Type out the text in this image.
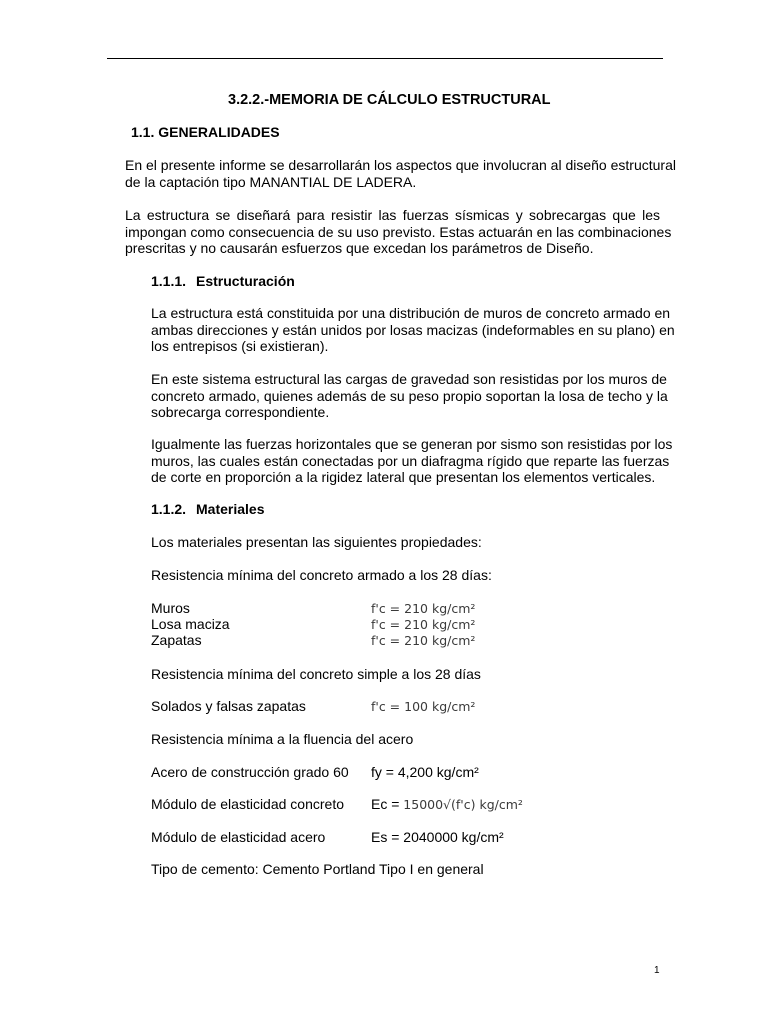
3.2.2.-MEMORIA DE CÁLCULO ESTRUCTURAL
1.1. GENERALIDADES
En el presente informe se desarrollarán los aspectos que involucran al diseño estructural
de la captación tipo MANANTIAL DE LADERA.
La estructura se diseñará para resistir las fuerzas sísmicas y sobrecargas que les
impongan como consecuencia de su uso previsto. Estas actuarán en las combinaciones
prescritas y no causarán esfuerzos que excedan los parámetros de Diseño.
1.1.1. Estructuración
La estructura está constituida por una distribución de muros de concreto armado en
ambas direcciones y están unidos por losas macizas (indeformables en su plano) en
los entrepisos (si existieran).
En este sistema estructural las cargas de gravedad son resistidas por los muros de
concreto armado, quienes además de su peso propio soportan la losa de techo y la
sobrecarga correspondiente.
Igualmente las fuerzas horizontales que se generan por sismo son resistidas por los
muros, las cuales están conectadas por un diafragma rígido que reparte las fuerzas
de corte en proporción a la rigidez lateral que presentan los elementos verticales.
1.1.2. Materiales
Los materiales presentan las siguientes propiedades:
Resistencia mínima del concreto armado a los 28 días:
Muros	f'c = 210 kg/cm²
Losa maciza	f'c = 210 kg/cm²
Zapatas	f'c = 210 kg/cm²
Resistencia mínima del concreto simple a los 28 días
Solados y falsas zapatas	f'c = 100 kg/cm²
Resistencia mínima a la fluencia del acero
Acero de construcción grado 60 fy = 4,200 kg/cm²
Módulo de elasticidad concreto Ec = 15000√(f'c) kg/cm²
Módulo de elasticidad acero	Es = 2040000 kg/cm²
Tipo de cemento: Cemento Portland Tipo I en general
1
